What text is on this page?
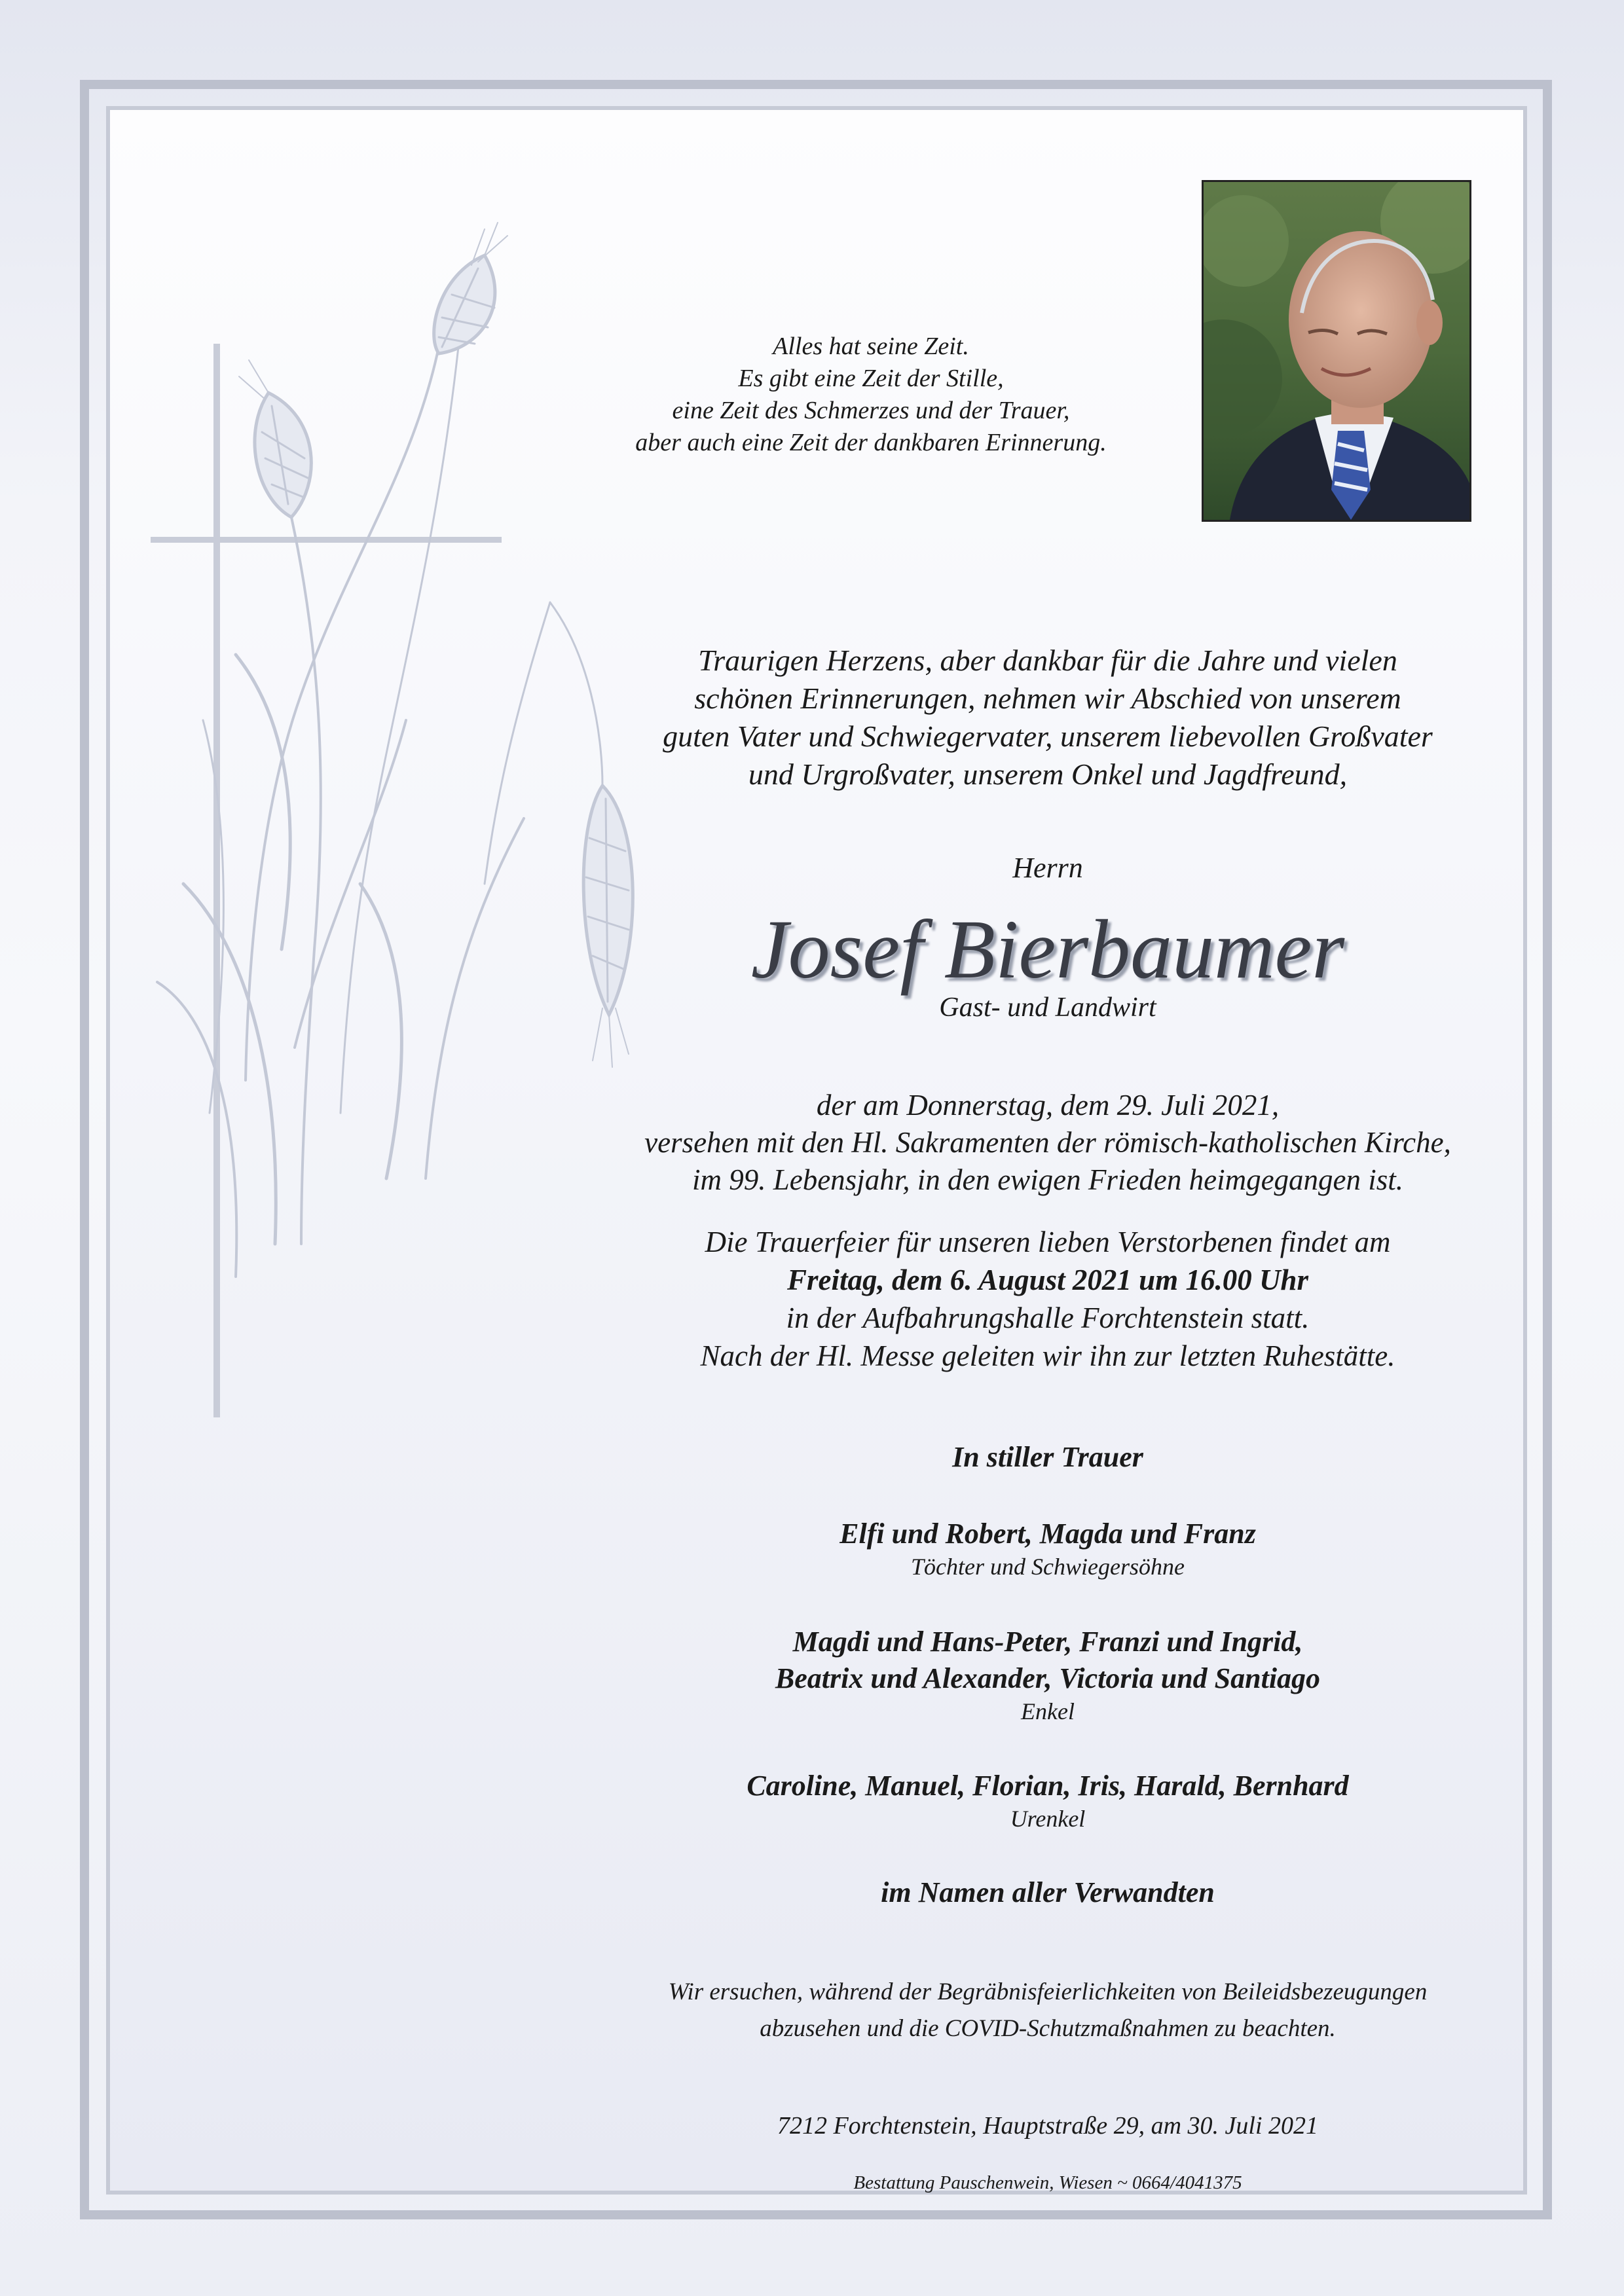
Alles hat seine Zeit.
Es gibt eine Zeit der Stille,
eine Zeit des Schmerzes und der Trauer,
aber auch eine Zeit der dankbaren Erinnerung.
Traurigen Herzens, aber dankbar für die Jahre und vielen
schönen Erinnerungen, nehmen wir Abschied von unserem
guten Vater und Schwiegervater, unserem liebevollen Großvater
und Urgroßvater, unserem Onkel und Jagdfreund,
Herrn
Josef Bierbaumer
Gast- und Landwirt
der am Donnerstag, dem 29. Juli 2021,
versehen mit den Hl. Sakramenten der römisch-katholischen Kirche,
im 99. Lebensjahr, in den ewigen Frieden heimgegangen ist.
Die Trauerfeier für unseren lieben Verstorbenen findet am
Freitag, dem 6. August 2021 um 16.00 Uhr
in der Aufbahrungshalle Forchtenstein statt.
Nach der Hl. Messe geleiten wir ihn zur letzten Ruhestätte.
In stiller Trauer
Elfi und Robert, Magda und Franz
Töchter und Schwiegersöhne
Magdi und Hans-Peter, Franzi und Ingrid,
Beatrix und Alexander, Victoria und Santiago
Enkel
Caroline, Manuel, Florian, Iris, Harald, Bernhard
Urenkel
im Namen aller Verwandten
Wir ersuchen, während der Begräbnisfeierlichkeiten von Beileidsbezeugungen
abzusehen und die COVID-Schutzmaßnahmen zu beachten.
7212 Forchtenstein, Hauptstraße 29, am 30. Juli 2021
Bestattung Pauschenwein, Wiesen ~ 0664/4041375
